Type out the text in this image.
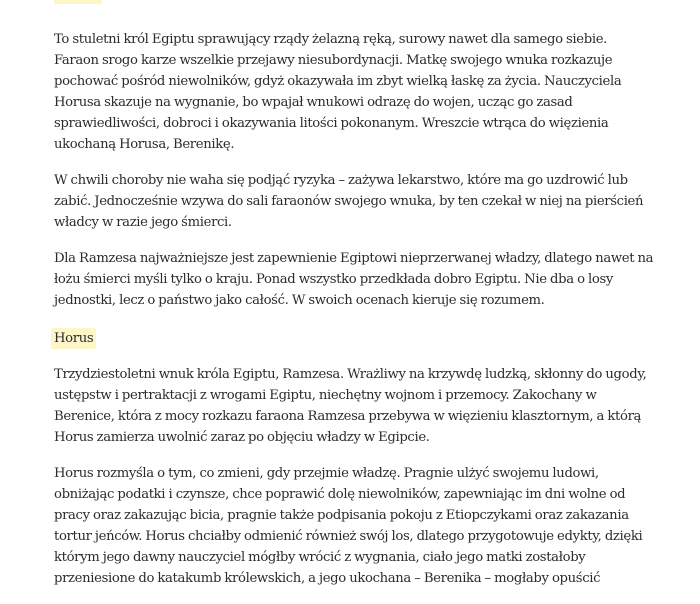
To stuletni król Egiptu sprawujący rządy żelazną ręką, surowy nawet dla samego siebie. Faraon srogo karze wszelkie przejawy niesubordynacji. Matkę swojego wnuka rozkazuje pochować pośród niewolników, gdyż okazywała im zbyt wielką łaskę za życia. Nauczyciela Horusa skazuje na wygnanie, bo wpajał wnukowi odrazę do wojen, ucząc go zasad sprawiedliwości, dobroci i okazywania litości pokonanym. Wreszcie wtrąca do więzienia ukochaną Horusa, Berenikę.

W chwili choroby nie waha się podjąć ryzyka – zażywa lekarstwo, które ma go uzdrowić lub zabić. Jednocześnie wzywa do sali faraonów swojego wnuka, by ten czekał w niej na pierścień władcy w razie jego śmierci.

Dla Ramzesa najważniejsze jest zapewnienie Egiptowi nieprzerwanej władzy, dlatego nawet na łożu śmierci myśli tylko o kraju. Ponad wszystko przedkłada dobro Egiptu. Nie dba o losy jednostki, lecz o państwo jako całość. W swoich ocenach kieruje się rozumem.

Horus

Trzydziestoletni wnuk króla Egiptu, Ramzesa. Wrażliwy na krzywdę ludzką, skłonny do ugody, ustępstw i pertraktacji z wrogami Egiptu, niechętny wojnom i przemocy. Zakochany w Berenice, która z mocy rozkazu faraona Ramzesa przebywa w więzieniu klasztornym, a którą Horus zamierza uwolnić zaraz po objęciu władzy w Egipcie.

Horus rozmyśla o tym, co zmieni, gdy przejmie władzę. Pragnie ulżyć swojemu ludowi, obniżając podatki i czynsze, chce poprawić dolę niewolników, zapewniając im dni wolne od pracy oraz zakazując bicia, pragnie także podpisania pokoju z Etiopczykami oraz zakazania tortur jeńców. Horus chciałby odmienić również swój los, dlatego przygotowuje edykty, dzięki którym jego dawny nauczyciel mógłby wrócić z wygnania, ciało jego matki zostałoby przeniesione do katakumb królewskich, a jego ukochana – Berenika – mogłaby opuścić
